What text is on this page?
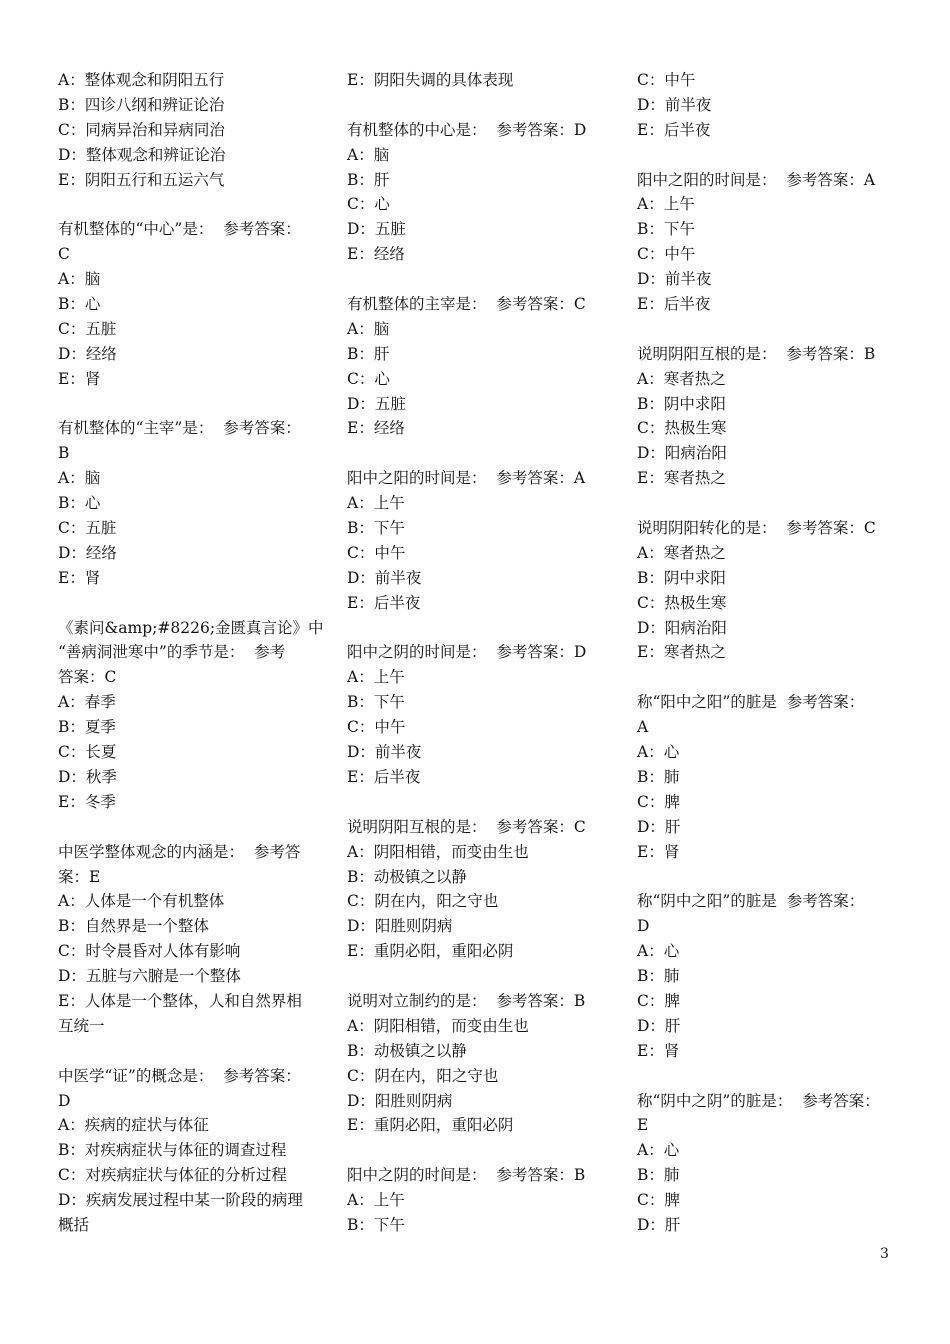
A：整体观念和阴阳五行
B：四诊八纲和辨证论治
C：同病异治和异病同治
D：整体观念和辨证论治
E：阴阳五行和五运六气
有机整体的“中心”是：  参考答案：
C
A：脑
B：心
C：五脏
D：经络
E：肾
有机整体的“主宰”是：  参考答案：
B
A：脑
B：心
C：五脏
D：经络
E：肾
《素问&amp;#8226;金匮真言论》中
“善病洞泄寒中”的季节是：  参考
答案：C
A：春季
B：夏季
C：长夏
D：秋季
E：冬季
中医学整体观念的内涵是：  参考答
案：E
A：人体是一个有机整体
B：自然界是一个整体
C：时令晨昏对人体有影响
D：五脏与六腑是一个整体
E：人体是一个整体，人和自然界相
互统一
中医学“证”的概念是：  参考答案：
D
A：疾病的症状与体征
B：对疾病症状与体征的调查过程
C：对疾病症状与体征的分析过程
D：疾病发展过程中某一阶段的病理
概括
E：阴阳失调的具体表现
有机整体的中心是：  参考答案：D
A：脑
B：肝
C：心
D：五脏
E：经络
有机整体的主宰是：  参考答案：C
A：脑
B：肝
C：心
D：五脏
E：经络
阳中之阳的时间是：  参考答案：A
A：上午
B：下午
C：中午
D：前半夜
E：后半夜
阳中之阴的时间是：  参考答案：D
A：上午
B：下午
C：中午
D：前半夜
E：后半夜
说明阴阳互根的是：  参考答案：C
A：阴阳相错，而变由生也
B：动极镇之以静
C：阴在内，阳之守也
D：阳胜则阴病
E：重阴必阳，重阳必阴
说明对立制约的是：  参考答案：B
A：阴阳相错，而变由生也
B：动极镇之以静
C：阴在内，阳之守也
D：阳胜则阴病
E：重阴必阳，重阳必阴
阳中之阴的时间是：  参考答案：B
A：上午
B：下午
C：中午
D：前半夜
E：后半夜
阳中之阳的时间是：  参考答案：A
A：上午
B：下午
C：中午
D：前半夜
E：后半夜
说明阴阳互根的是：  参考答案：B
A：寒者热之
B：阴中求阳
C：热极生寒
D：阳病治阳
E：寒者热之
说明阴阳转化的是：  参考答案：C
A：寒者热之
B：阴中求阳
C：热极生寒
D：阳病治阳
E：寒者热之
称“阳中之阳”的脏是  参考答案：
A
A：心
B：肺
C：脾
D：肝
E：肾
称“阴中之阳”的脏是  参考答案：
D
A：心
B：肺
C：脾
D：肝
E：肾
称“阴中之阴”的脏是：  参考答案：
E
A：心
B：肺
C：脾
D：肝
3
